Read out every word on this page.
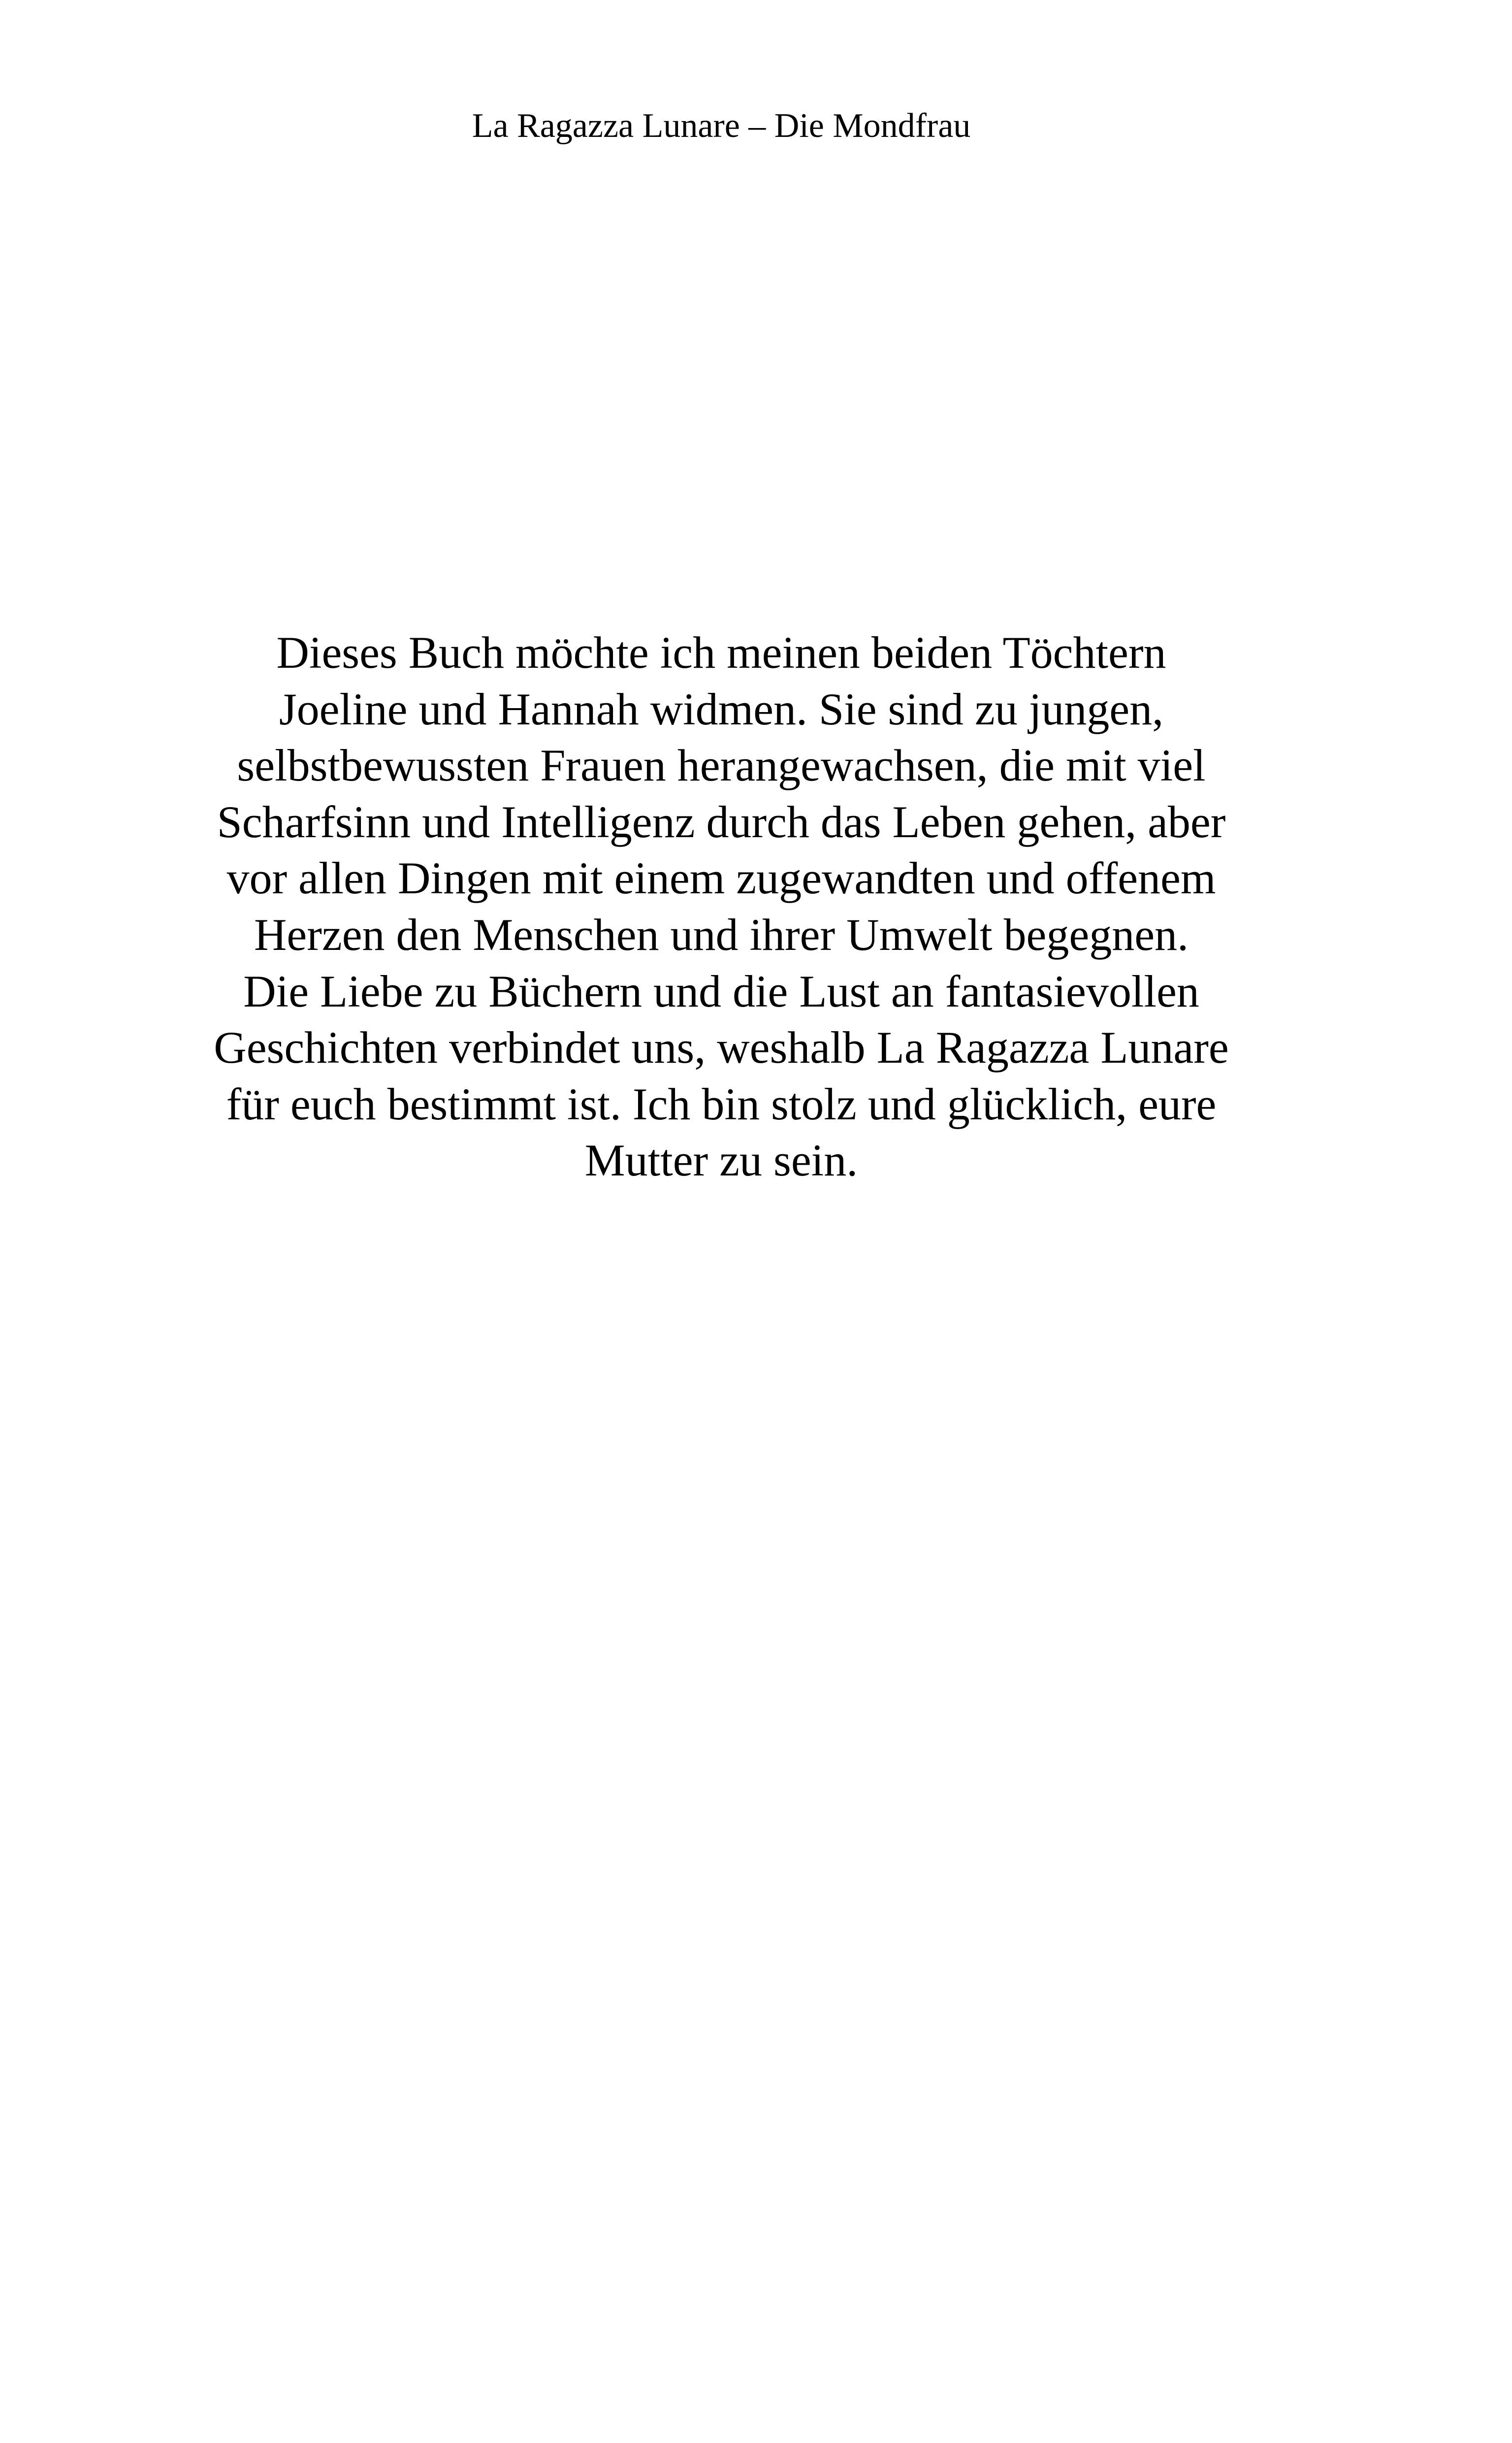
La Ragazza Lunare – Die Mondfrau

Dieses Buch möchte ich meinen beiden Töchtern
Joeline und Hannah widmen. Sie sind zu jungen,
selbstbewussten Frauen herangewachsen, die mit viel
Scharfsinn und Intelligenz durch das Leben gehen, aber
vor allen Dingen mit einem zugewandten und offenem
Herzen den Menschen und ihrer Umwelt begegnen.
Die Liebe zu Büchern und die Lust an fantasievollen
Geschichten verbindet uns, weshalb La Ragazza Lunare
für euch bestimmt ist. Ich bin stolz und glücklich, eure
Mutter zu sein.
